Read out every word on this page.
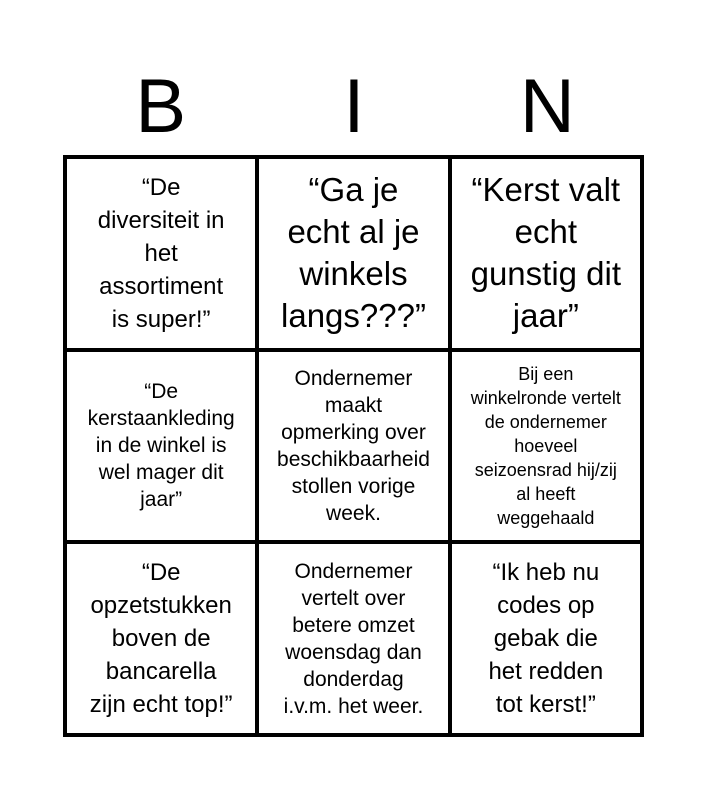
B	I	N
“De
diversiteit in
het
assortiment
is super!”
“Ga je
echt al je
winkels
langs???”
“Kerst valt
echt
gunstig dit
jaar”
“De
kerstaankleding
in de winkel is
wel mager dit
jaar”
Ondernemer
maakt
opmerking over
beschikbaarheid
stollen vorige
week.
Bij een
winkelronde vertelt
de ondernemer
hoeveel
seizoensrad hij/zij
al heeft
weggehaald
“De
opzetstukken
boven de
bancarella
zijn echt top!”
Ondernemer
vertelt over
betere omzet
woensdag dan
donderdag
i.v.m. het weer.
“Ik heb nu
codes op
gebak die
het redden
tot kerst!”
